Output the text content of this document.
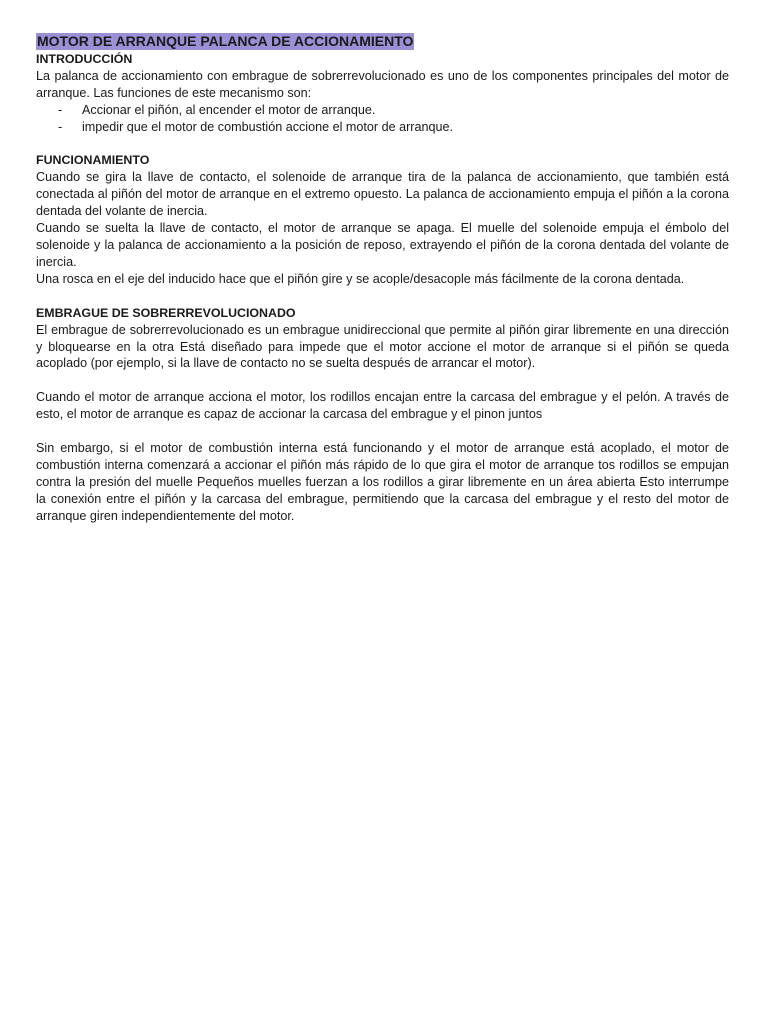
MOTOR DE ARRANQUE PALANCA DE ACCIONAMIENTO
INTRODUCCIÓN

La palanca de accionamiento con embrague de sobrerrevolucionado es uno de los componentes principales del motor de arranque. Las funciones de este mecanismo son:

- Accionar el piñón, al encender el motor de arranque.
- impedir que el motor de combustión accione el motor de arranque.
FUNCIONAMIENTO

Cuando se gira la llave de contacto, el solenoide de arranque tira de la palanca de accionamiento, que también está conectada al piñón del motor de arranque en el extremo opuesto. La palanca de accionamiento empuja el piñón a la corona dentada del volante de inercia.

Cuando se suelta la llave de contacto, el motor de arranque se apaga. El muelle del solenoide empuja el émbolo del solenoide y la palanca de accionamiento a la posición de reposo, extrayendo el piñón de la corona dentada del volante de inercia.

Una rosca en el eje del inducido hace que el piñón gire y se acople/desacople más fácilmente de la corona dentada.

EMBRAGUE DE SOBRERREVOLUCIONADO

El embrague de sobrerrevolucionado es un embrague unidireccional que permite al piñón girar libremente en una dirección y bloquearse en la otra Está diseñado para impede que el motor accione el motor de arranque si el piñón se queda acoplado (por ejemplo, si la llave de contacto no se suelta después de arrancar el motor).

Cuando el motor de arranque acciona el motor, los rodillos encajan entre la carcasa del embrague y el pelón. A través de esto, el motor de arranque es capaz de accionar la carcasa del embrague y el pinon juntos

Sin embargo, si el motor de combustión interna está funcionando y el motor de arranque está acoplado, el motor de combustión interna comenzará a accionar el piñón más rápido de lo que gira el motor de arranque tos rodillos se empujan contra la presión del muelle Pequeños muelles fuerzan a los rodillos a girar libremente en un área abierta Esto interrumpe la conexión entre el piñón y la carcasa del embrague, permitiendo que la carcasa del embrague y el resto del motor de arranque giren independientemente del motor.
